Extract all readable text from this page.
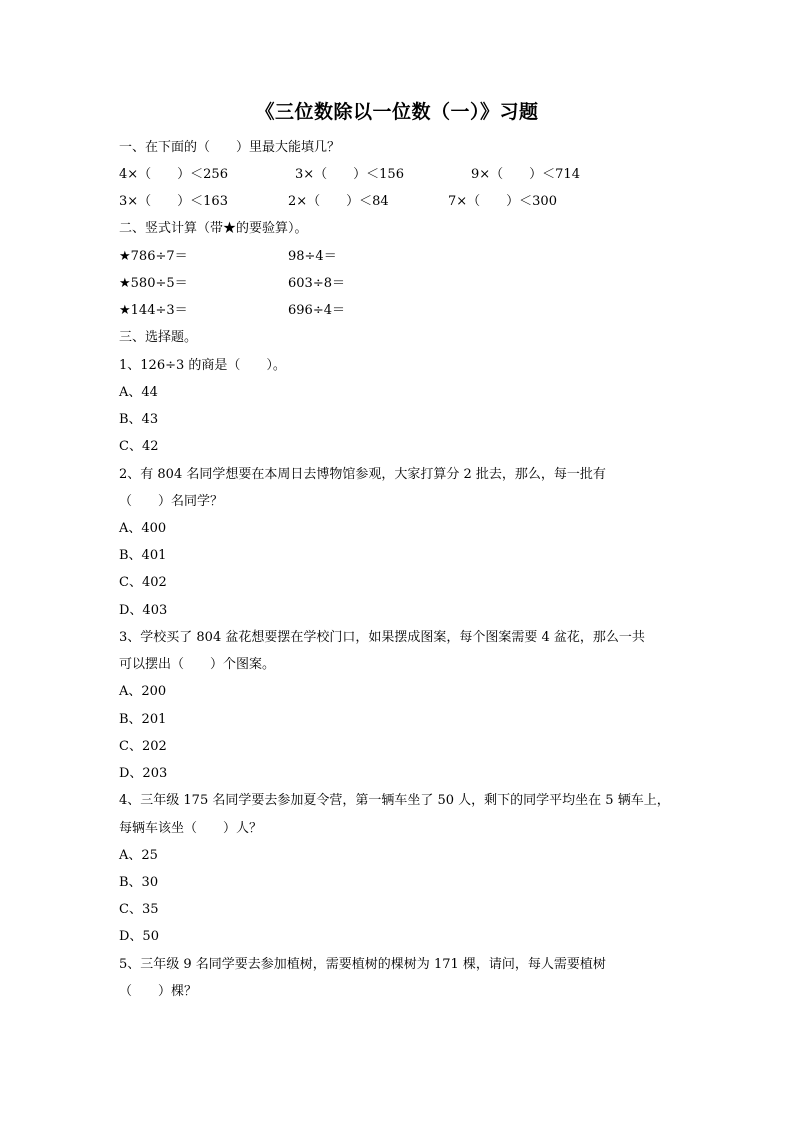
《三位数除以一位数（一）》习题
一、在下面的（　　）里最大能填几？
4×（　　）＜256	3×（　　）＜156	9×（　　）＜714
3×（　　）＜163	2×（　　）＜84	7×（　　）＜300
二、竖式计算（带★的要验算）。
★786÷7＝	98÷4＝
★580÷5＝	603÷8＝
★144÷3＝	696÷4＝
三、选择题。
1、126÷3 的商是（　　）。
A、44
B、43
C、42
2、有 804 名同学想要在本周日去博物馆参观，大家打算分 2 批去，那么，每一批有
（　　）名同学？
A、400
B、401
C、402
D、403
3、学校买了 804 盆花想要摆在学校门口，如果摆成图案，每个图案需要 4 盆花，那么一共
可以摆出（　　）个图案。
A、200
B、201
C、202
D、203
4、三年级 175 名同学要去参加夏令营，第一辆车坐了 50 人，剩下的同学平均坐在 5 辆车上，
每辆车该坐（　　）人？
A、25
B、30
C、35
D、50
5、三年级 9 名同学要去参加植树，需要植树的棵树为 171 棵，请问，每人需要植树
（　　）棵？
